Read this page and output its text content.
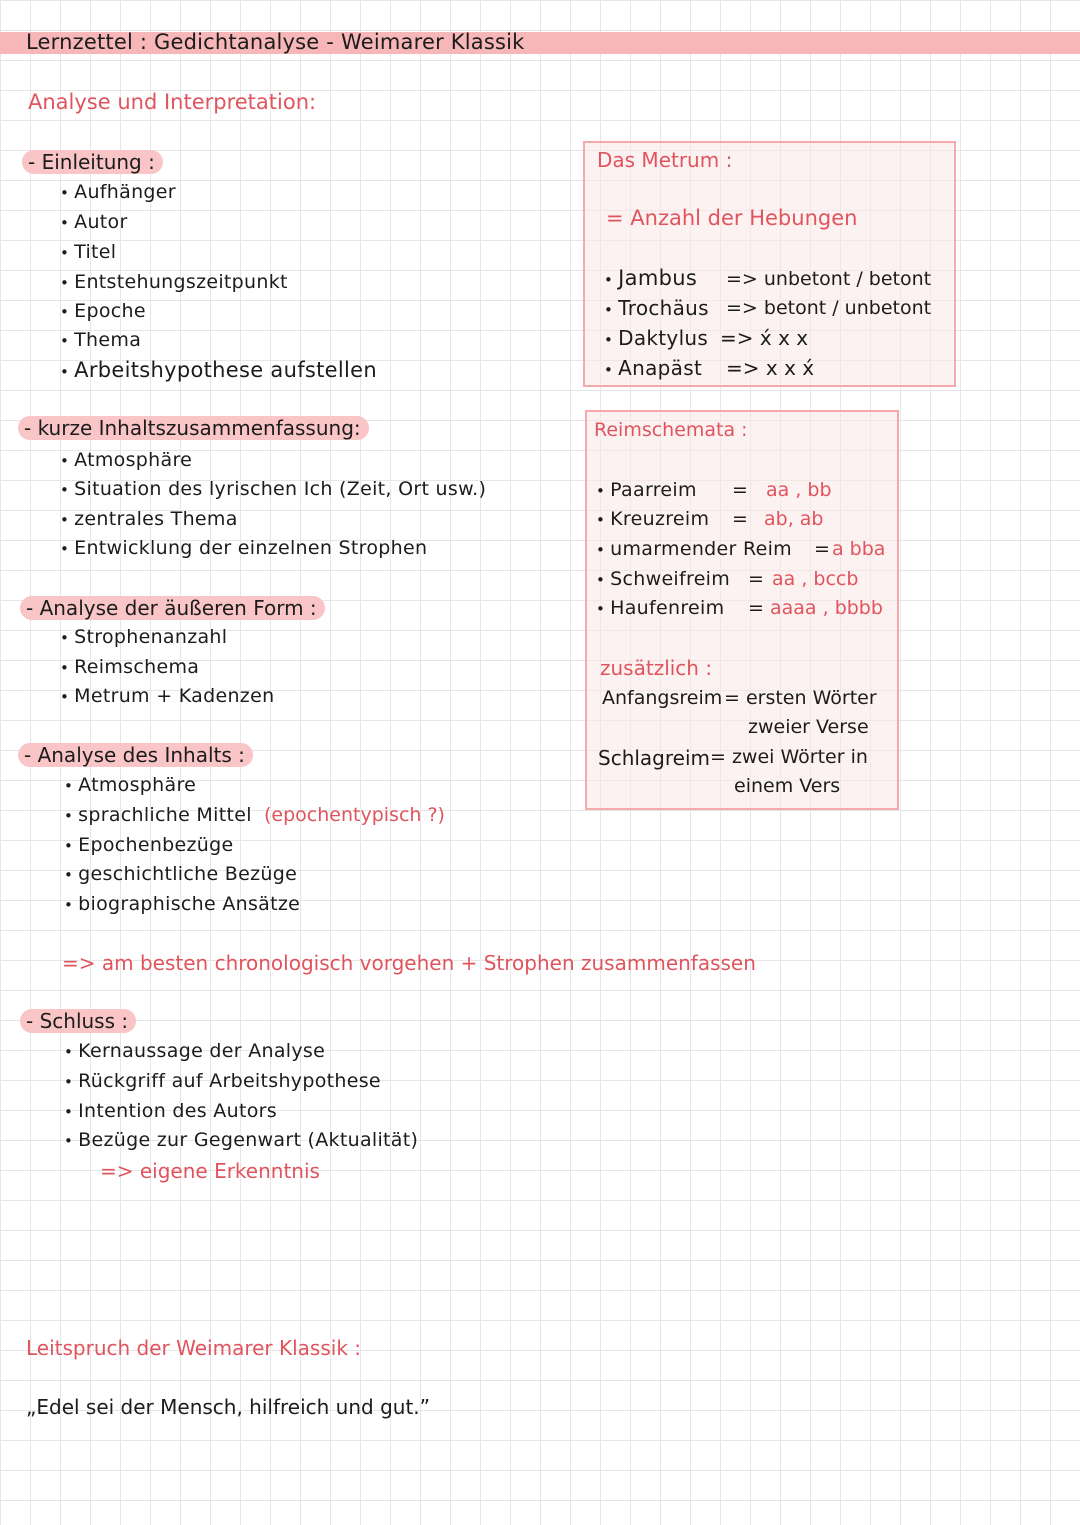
Lernzettel : Gedichtanalyse - Weimarer Klassik
Analyse und Interpretation:
- Einleitung :
• Aufhänger
• Autor
• Titel
• Entstehungszeitpunkt
• Epoche
• Thema
• Arbeitshypothese aufstellen
- kurze Inhaltszusammenfassung:
• Atmosphäre
• Situation des lyrischen Ich (Zeit, Ort usw.)
• zentrales Thema
• Entwicklung der einzelnen Strophen
- Analyse der äußeren Form :
• Strophenanzahl
• Reimschema
• Metrum + Kadenzen
- Analyse des Inhalts :
• Atmosphäre
• sprachliche Mittel (epochentypisch ?)
• Epochenbezüge
• geschichtliche Bezüge
• biographische Ansätze
=> am besten chronologisch vorgehen + Strophen zusammenfassen
- Schluss :
• Kernaussage der Analyse
• Rückgriff auf Arbeitshypothese
• Intention des Autors
• Bezüge zur Gegenwart (Aktualität)
=> eigene Erkenntnis
Das Metrum :
= Anzahl der Hebungen
• Jambus => unbetont / betont
• Trochäus => betont / unbetont
• Daktylus => x́ x x
• Anapäst => x x x́
Reimschemata :
• Paarreim = aa , bb
• Kreuzreim = ab, ab
• umarmender Reim = a bba
• Schweifreim = aa , bccb
• Haufenreim = aaaa , bbbb
zusätzlich :
Anfangsreim = ersten Wörter
zweier Verse
Schlagreim = zwei Wörter in
einem Vers
Leitspruch der Weimarer Klassik :
„Edel sei der Mensch, hilfreich und gut.”
